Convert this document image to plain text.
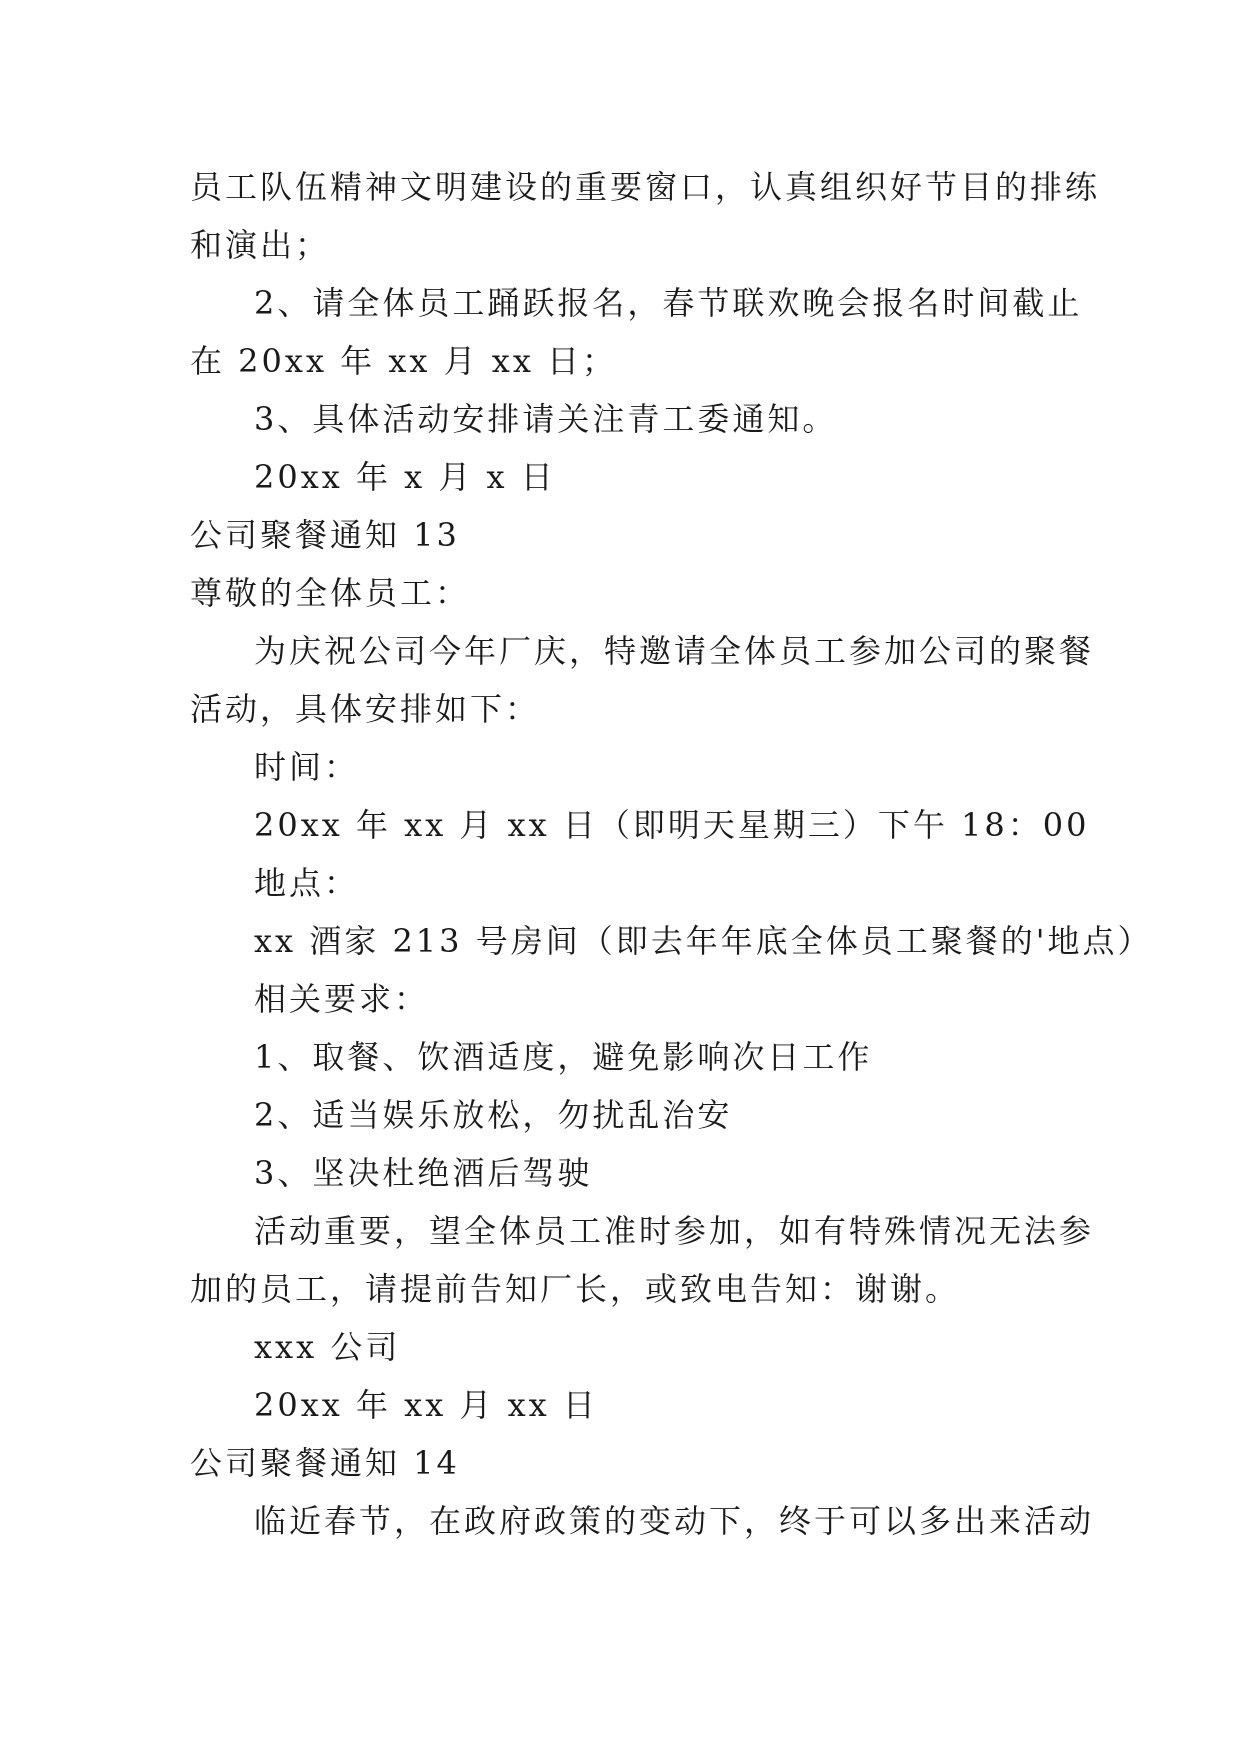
员工队伍精神文明建设的重要窗口，认真组织好节目的排练
和演出；
2、请全体员工踊跃报名，春节联欢晚会报名时间截止
在 20xx 年 xx 月 xx 日；
3、具体活动安排请关注青工委通知。
20xx 年 x 月 x 日
公司聚餐通知 13
尊敬的全体员工：
为庆祝公司今年厂庆，特邀请全体员工参加公司的聚餐
活动，具体安排如下：
时间：
20xx 年 xx 月 xx 日（即明天星期三）下午 18：00
地点：
xx 酒家 213 号房间（即去年年底全体员工聚餐的'地点）
相关要求：
1、取餐、饮酒适度，避免影响次日工作
2、适当娱乐放松，勿扰乱治安
3、坚决杜绝酒后驾驶
活动重要，望全体员工准时参加，如有特殊情况无法参
加的员工，请提前告知厂长，或致电告知：谢谢。
xxx 公司
20xx 年 xx 月 xx 日
公司聚餐通知 14
临近春节，在政府政策的变动下，终于可以多出来活动
